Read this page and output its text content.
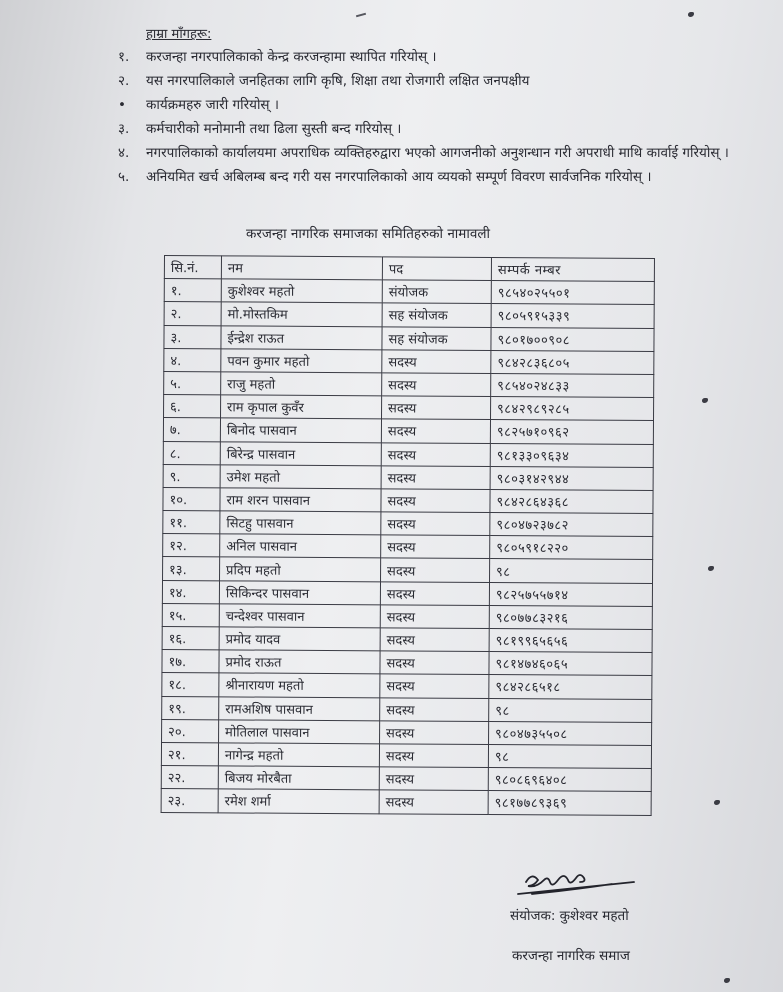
हाम्रा माँगहरू:
१.	करजन्हा नगरपालिकाको केन्द्र करजन्हामा स्थापित गरियोस् ।
२.	यस नगरपालिकाले जनहितका लागि कृषि, शिक्षा तथा रोजगारी लक्षित जनपक्षीय
•	कार्यक्रमहरु जारी गरियोस् ।
३.	कर्मचारीको मनोमानी तथा ढिला सुस्ती बन्द गरियोस् ।
४.	नगरपालिकाको कार्यालयमा अपराधिक व्यक्तिहरुद्वारा भएको आगजनीको अनुशन्धान गरी अपराधी माथि कार्वाई गरियोस् ।
५.	अनियमित खर्च अबिलम्ब बन्द गरी यस नगरपालिकाको आय व्ययको सम्पूर्ण विवरण सार्वजनिक गरियोस् ।
करजन्हा नागरिक समाजका समितिहरुको नामावली
सि.नं.	नम	पद	सम्पर्क नम्बर
१.	कुशेश्वर महतो	संयोजक	९८५४०२५५०१
२.	मो.मोस्तकिम	सह संयोजक	९८०५९१५३३९
३.	ईन्द्रेश राऊत	सह संयोजक	९८०१७००९०८
४.	पवन कुमार महतो	सदस्य	९८४२८३६८०५
५.	राजु महतो	सदस्य	९८५४०२४८३३
६.	राम कृपाल कुवँर	सदस्य	९८४२९८९२८५
७.	बिनोद पासवान	सदस्य	९८२५७१०९६२
८.	बिरेन्द्र पासवान	सदस्य	९८१३३०९६३४
९.	उमेश महतो	सदस्य	९८०३१४२९४४
१०.	राम शरन पासवान	सदस्य	९८४२८६४३६८
११.	सिटहु पासवान	सदस्य	९८०४७२३७८२
१२.	अनिल पासवान	सदस्य	९८०५९१८२२०
१३.	प्रदिप महतो	सदस्य	९८
१४.	सिकिन्दर पासवान	सदस्य	९८२५७५५७१४
१५.	चन्देश्वर पासवान	सदस्य	९८०७७८३२१६
१६.	प्रमोद यादव	सदस्य	९८१९९६५६५६
१७.	प्रमोद राऊत	सदस्य	९८१४७४६०६५
१८.	श्रीनारायण महतो	सदस्य	९८४२८६५१८
१९.	रामअशिष पासवान	सदस्य	९८
२०.	मोतिलाल पासवान	सदस्य	९८०४७३५५०८
२१.	नागेन्द्र महतो	सदस्य	९८
२२.	बिजय मोरबैता	सदस्य	९८०८६९६४०८
२३.	रमेश शर्मा	सदस्य	९८१७७८९३६९
संयोजक: कुशेश्वर महतो
करजन्हा नागरिक समाज
